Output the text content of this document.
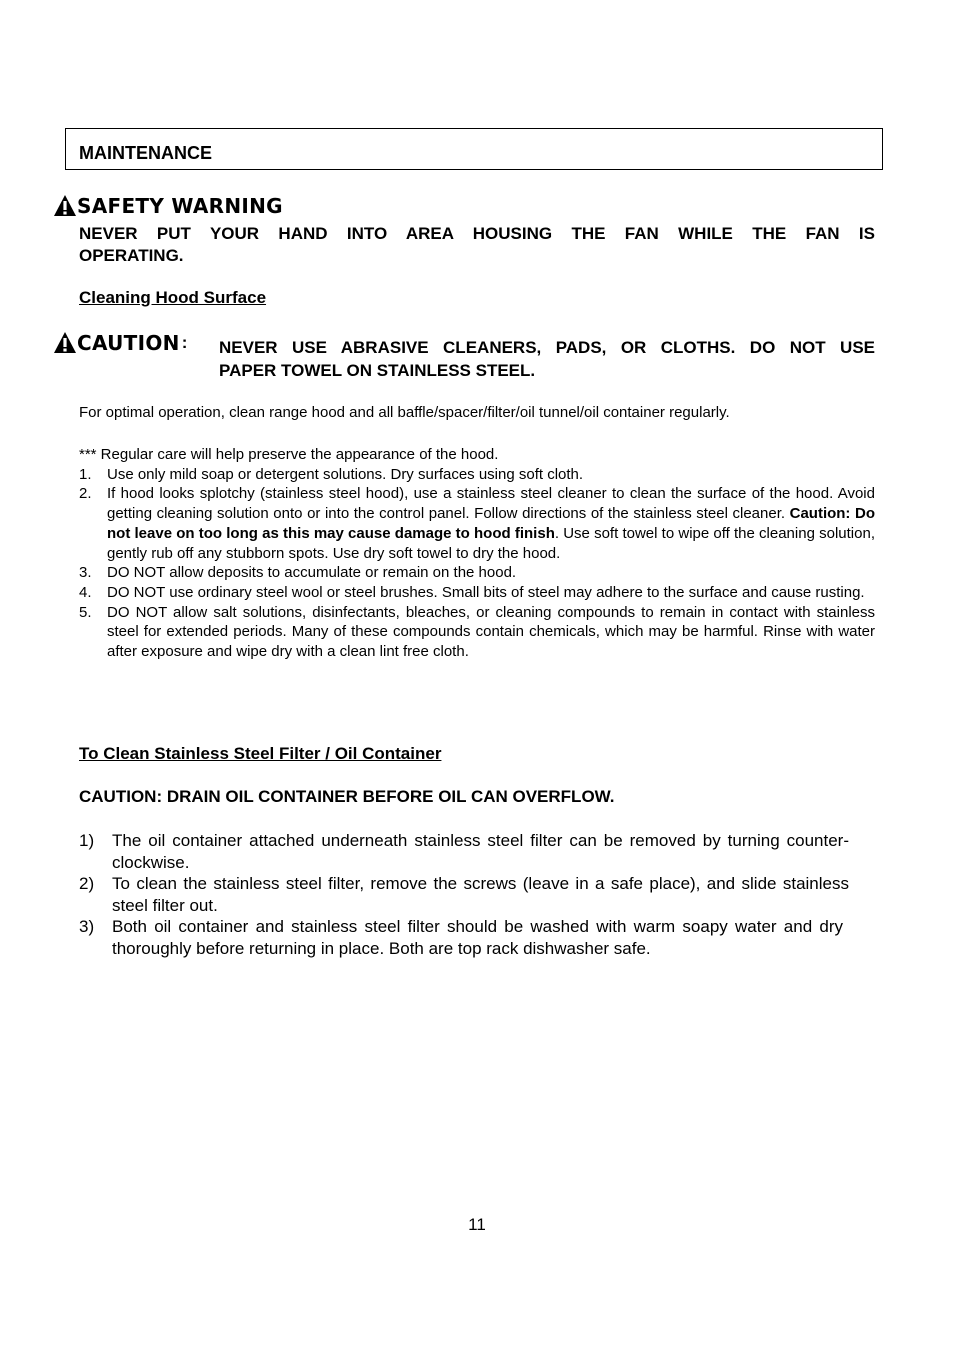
MAINTENANCE
SAFETY WARNING
NEVER PUT YOUR HAND INTO AREA HOUSING THE FAN WHILE THE FAN IS
OPERATING.
Cleaning Hood Surface
CAUTION : NEVER USE ABRASIVE CLEANERS, PADS, OR CLOTHS. DO NOT USE
PAPER TOWEL ON STAINLESS STEEL.
For optimal operation, clean range hood and all baffle/spacer/filter/oil tunnel/oil container regularly.
*** Regular care will help preserve the appearance of the hood.
1. Use only mild soap or detergent solutions. Dry surfaces using soft cloth.
2. If hood looks splotchy (stainless steel hood), use a stainless steel cleaner to clean the surface of the hood. Avoid getting cleaning solution onto or into the control panel. Follow directions of the stainless steel cleaner. Caution: Do not leave on too long as this may cause damage to hood finish. Use soft towel to wipe off the cleaning solution, gently rub off any stubborn spots. Use dry soft towel to dry the hood.
3. DO NOT allow deposits to accumulate or remain on the hood.
4. DO NOT use ordinary steel wool or steel brushes. Small bits of steel may adhere to the surface and cause rusting.
5. DO NOT allow salt solutions, disinfectants, bleaches, or cleaning compounds to remain in contact with stainless steel for extended periods. Many of these compounds contain chemicals, which may be harmful. Rinse with water after exposure and wipe dry with a clean lint free cloth.
To Clean Stainless Steel Filter / Oil Container
CAUTION: DRAIN OIL CONTAINER BEFORE OIL CAN OVERFLOW.
1) The oil container attached underneath stainless steel filter can be removed by turning counter-clockwise.
2) To clean the stainless steel filter, remove the screws (leave in a safe place), and slide stainless steel filter out.
3) Both oil container and stainless steel filter should be washed with warm soapy water and dry thoroughly before returning in place. Both are top rack dishwasher safe.
11
